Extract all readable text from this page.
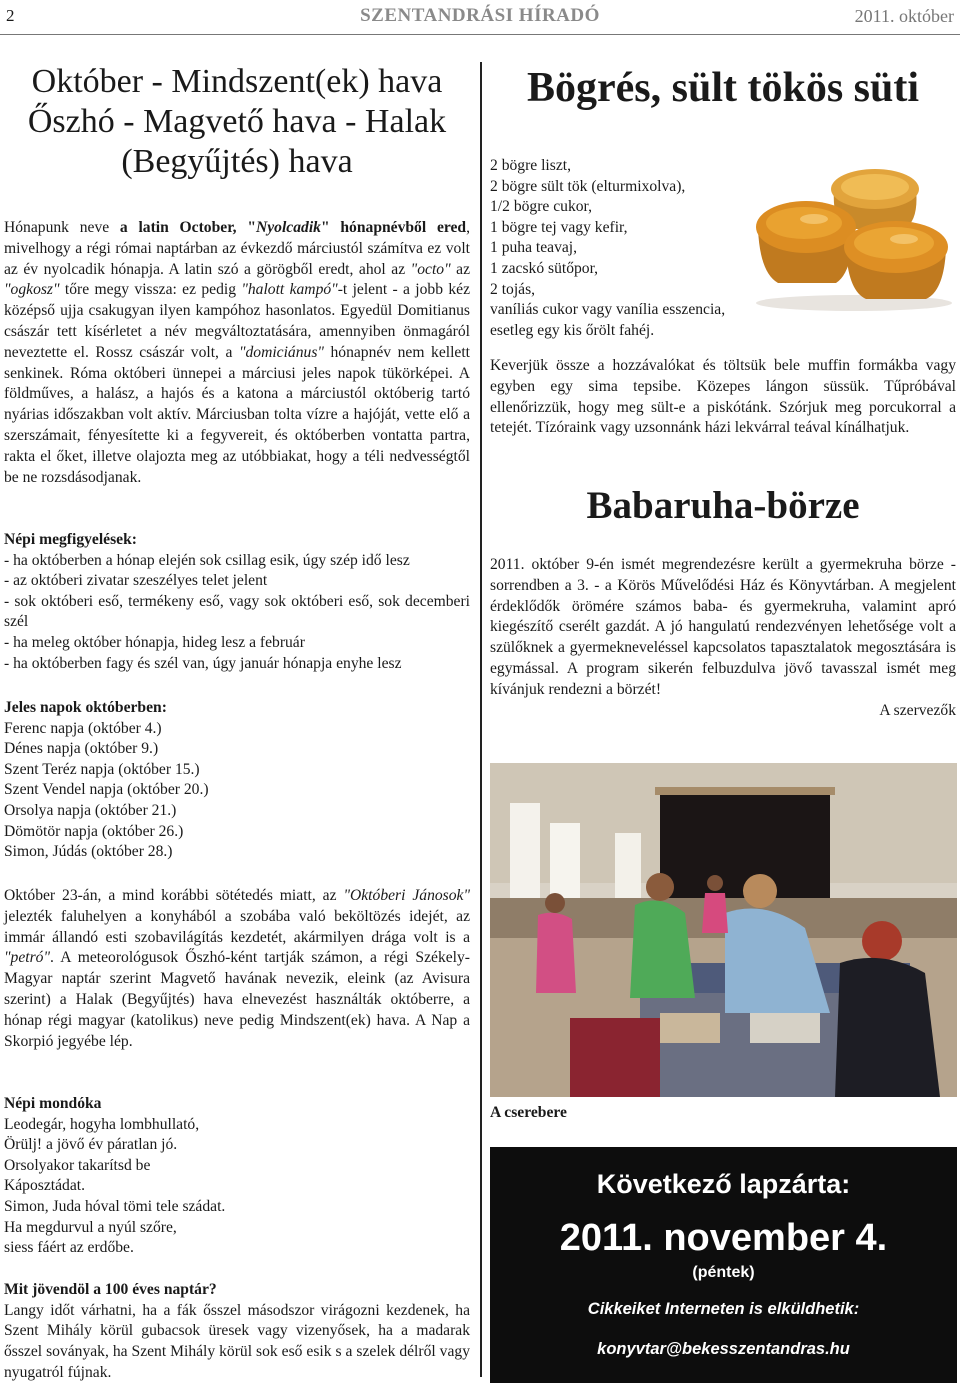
2	SZENTANDRÁSI HÍRADÓ	2011. október
Október - Mindszent(ek) hava
Őszhó - Magvető hava - Halak
(Begyűjtés) hava

Hónapunk neve a latin October, "Nyolcadik" hónapnévből ered, mivelhogy a régi római naptárban az évkezdő márciustól számítva ez volt az év nyolcadik hónapja. A latin szó a görögből eredt, ahol az "octo" az "ogkosz" tőre megy vissza: ez pedig "halott kampó"-t jelent - a jobb kéz középső ujja csakugyan ilyen kampóhoz hasonlatos. Egyedül Domitianus császár tett kísérletet a név megváltoztatására, amennyiben önmagáról neveztette el. Rossz császár volt, a "domiciánus" hónapnév nem kellett senkinek. Róma októberi ünnepei a márciusi jeles napok tükörképei. A földműves, a halász, a hajós és a katona a márciustól októberig tartó nyárias időszakban volt aktív. Márciusban tolta vízre a hajóját, vette elő a szerszámait, fényesítette ki a fegyvereit, és októberben vontatta partra, rakta el őket, illetve olajozta meg az utóbbiakat, hogy a téli nedvességtől be ne rozsdásodjanak.

Népi megfigyelések:
- ha októberben a hónap elején sok csillag esik, úgy szép idő lesz
- az októberi zivatar szeszélyes telet jelent
- sok októberi eső, termékeny eső, vagy sok októberi eső, sok decemberi szél
- ha meleg október hónapja, hideg lesz a február
- ha októberben fagy és szél van, úgy január hónapja enyhe lesz
Jeles napok októberben:
Ferenc napja (október 4.)
Dénes napja (október 9.)
Szent Teréz napja (október 15.)
Szent Vendel napja (október 20.)
Orsolya napja (október 21.)
Dömötör napja (október 26.)
Simon, Júdás (október 28.)

Október 23-án, a mind korábbi sötétedés miatt, az "Októberi Jánosok" jelezték faluhelyen a konyhából a szobába való beköltözés idejét, az immár állandó esti szobavilágítás kezdetét, akármilyen drága volt is a "petró". A meteorológusok Őszhó-ként tartják számon, a régi Székely-Magyar naptár szerint Magvető havának nevezik, eleink (az Avisura szerint) a Halak (Begyűjtés) hava elnevezést használták októberre, a hónap régi magyar (katolikus) neve pedig Mindszent(ek) hava. A Nap a Skorpió jegyébe lép.

Népi mondóka
Leodegár, hogyha lombhullató,
Örülj! a jövő év páratlan jó.
Orsolyakor takarítsd be
Káposztádat.
Simon, Juda hóval tömi tele szádat.
Ha megdurvul a nyúl szőre,
siess fáért az erdőbe.
Mit jövendöl a 100 éves naptár?

Langy időt várhatni, ha a fák ősszel másodszor virágozni kezdenek, ha Szent Mihály körül gubacsok üresek vagy vizenyősek, ha a madarak ősszel soványak, ha Szent Mihály körül sok eső esik s a szelek délről vagy nyugatról fújnak.

Bögrés, sült tökös süti
2 bögre liszt,
2 bögre sült tök (elturmixolva),
1/2 bögre cukor,
1 bögre tej vagy kefir,
1 puha teavaj,
1 zacskó sütőpor,
2 tojás,
vaníliás cukor vagy vanília esszencia,
esetleg egy kis őrölt fahéj.

Keverjük össze a hozzávalókat és töltsük bele muffin formákba vagy egyben egy sima tepsibe. Közepes lángon süssük. Tűpróbával ellenőrizzük, hogy meg sült-e a piskótánk. Szórjuk meg porcukorral a tetejét. Tízóraink vagy uzsonnánk házi lekvárral teával kínálhatjuk.

Babaruha-börze

2011. október 9-én ismét megrendezésre került a gyermekruha börze - sorrendben a 3. - a Körös Művelődési Ház és Könyvtárban. A megjelent érdeklődők örömére számos baba- és gyermekruha, valamint apró kiegészítő cserélt gazdát. A jó hangulatú rendezvényen lehetősége volt a szülőknek a gyermekneveléssel kapcsolatos tapasztalatok megosztására is egymással. A program sikerén felbuzdulva jövő tavasszal ismét meg kívánjuk rendezni a börzét!

A szervezők

A cserebere
Következő lapzárta:
2011. november 4.
(péntek)
Cikkeiket Interneten is elküldhetik:
konyvtar@bekesszentandras.hu
